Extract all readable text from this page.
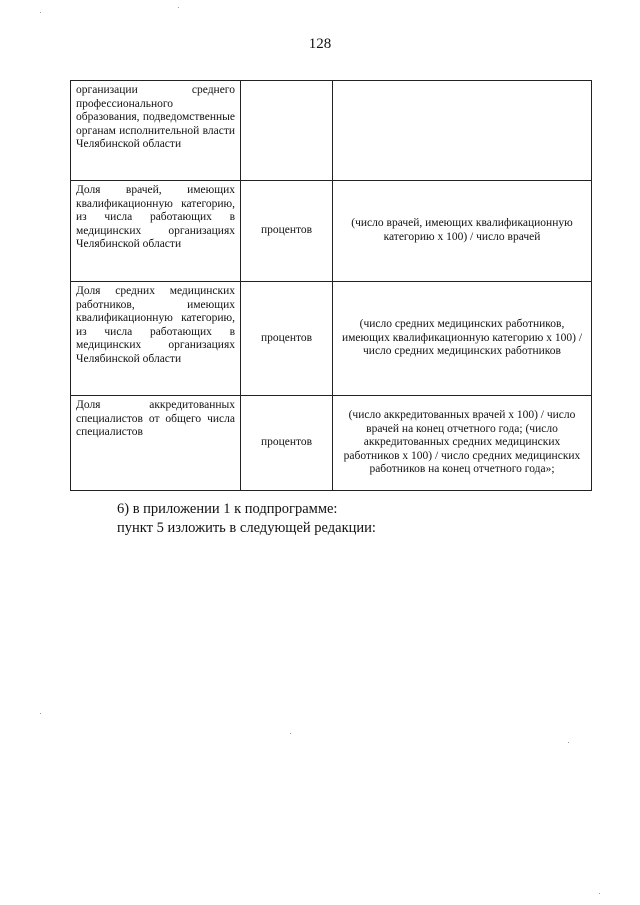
128
организации среднего профессионального образования, подведомственные органам исполнительной власти Челябинской области		
Доля врачей, имеющих квалификационную категорию, из числа работающих в медицинских организациях Челябинской области	процентов	(число врачей, имеющих квалификационную категорию х 100) / число врачей
Доля средних медицинских работников, имеющих квалификационную категорию, из числа работающих в медицинских организациях Челябинской области	процентов	(число средних медицинских работников, имеющих квалификационную категорию х 100) / число средних медицинских работников
Доля аккредитованных специалистов от общего числа специалистов	процентов	(число аккредитованных врачей х 100) / число врачей на конец отчетного года; (число аккредитованных средних медицинских работников х 100) / число средних медицинских работников на конец отчетного года»;
6) в приложении 1 к подпрограмме:
пункт 5 изложить в следующей редакции:
